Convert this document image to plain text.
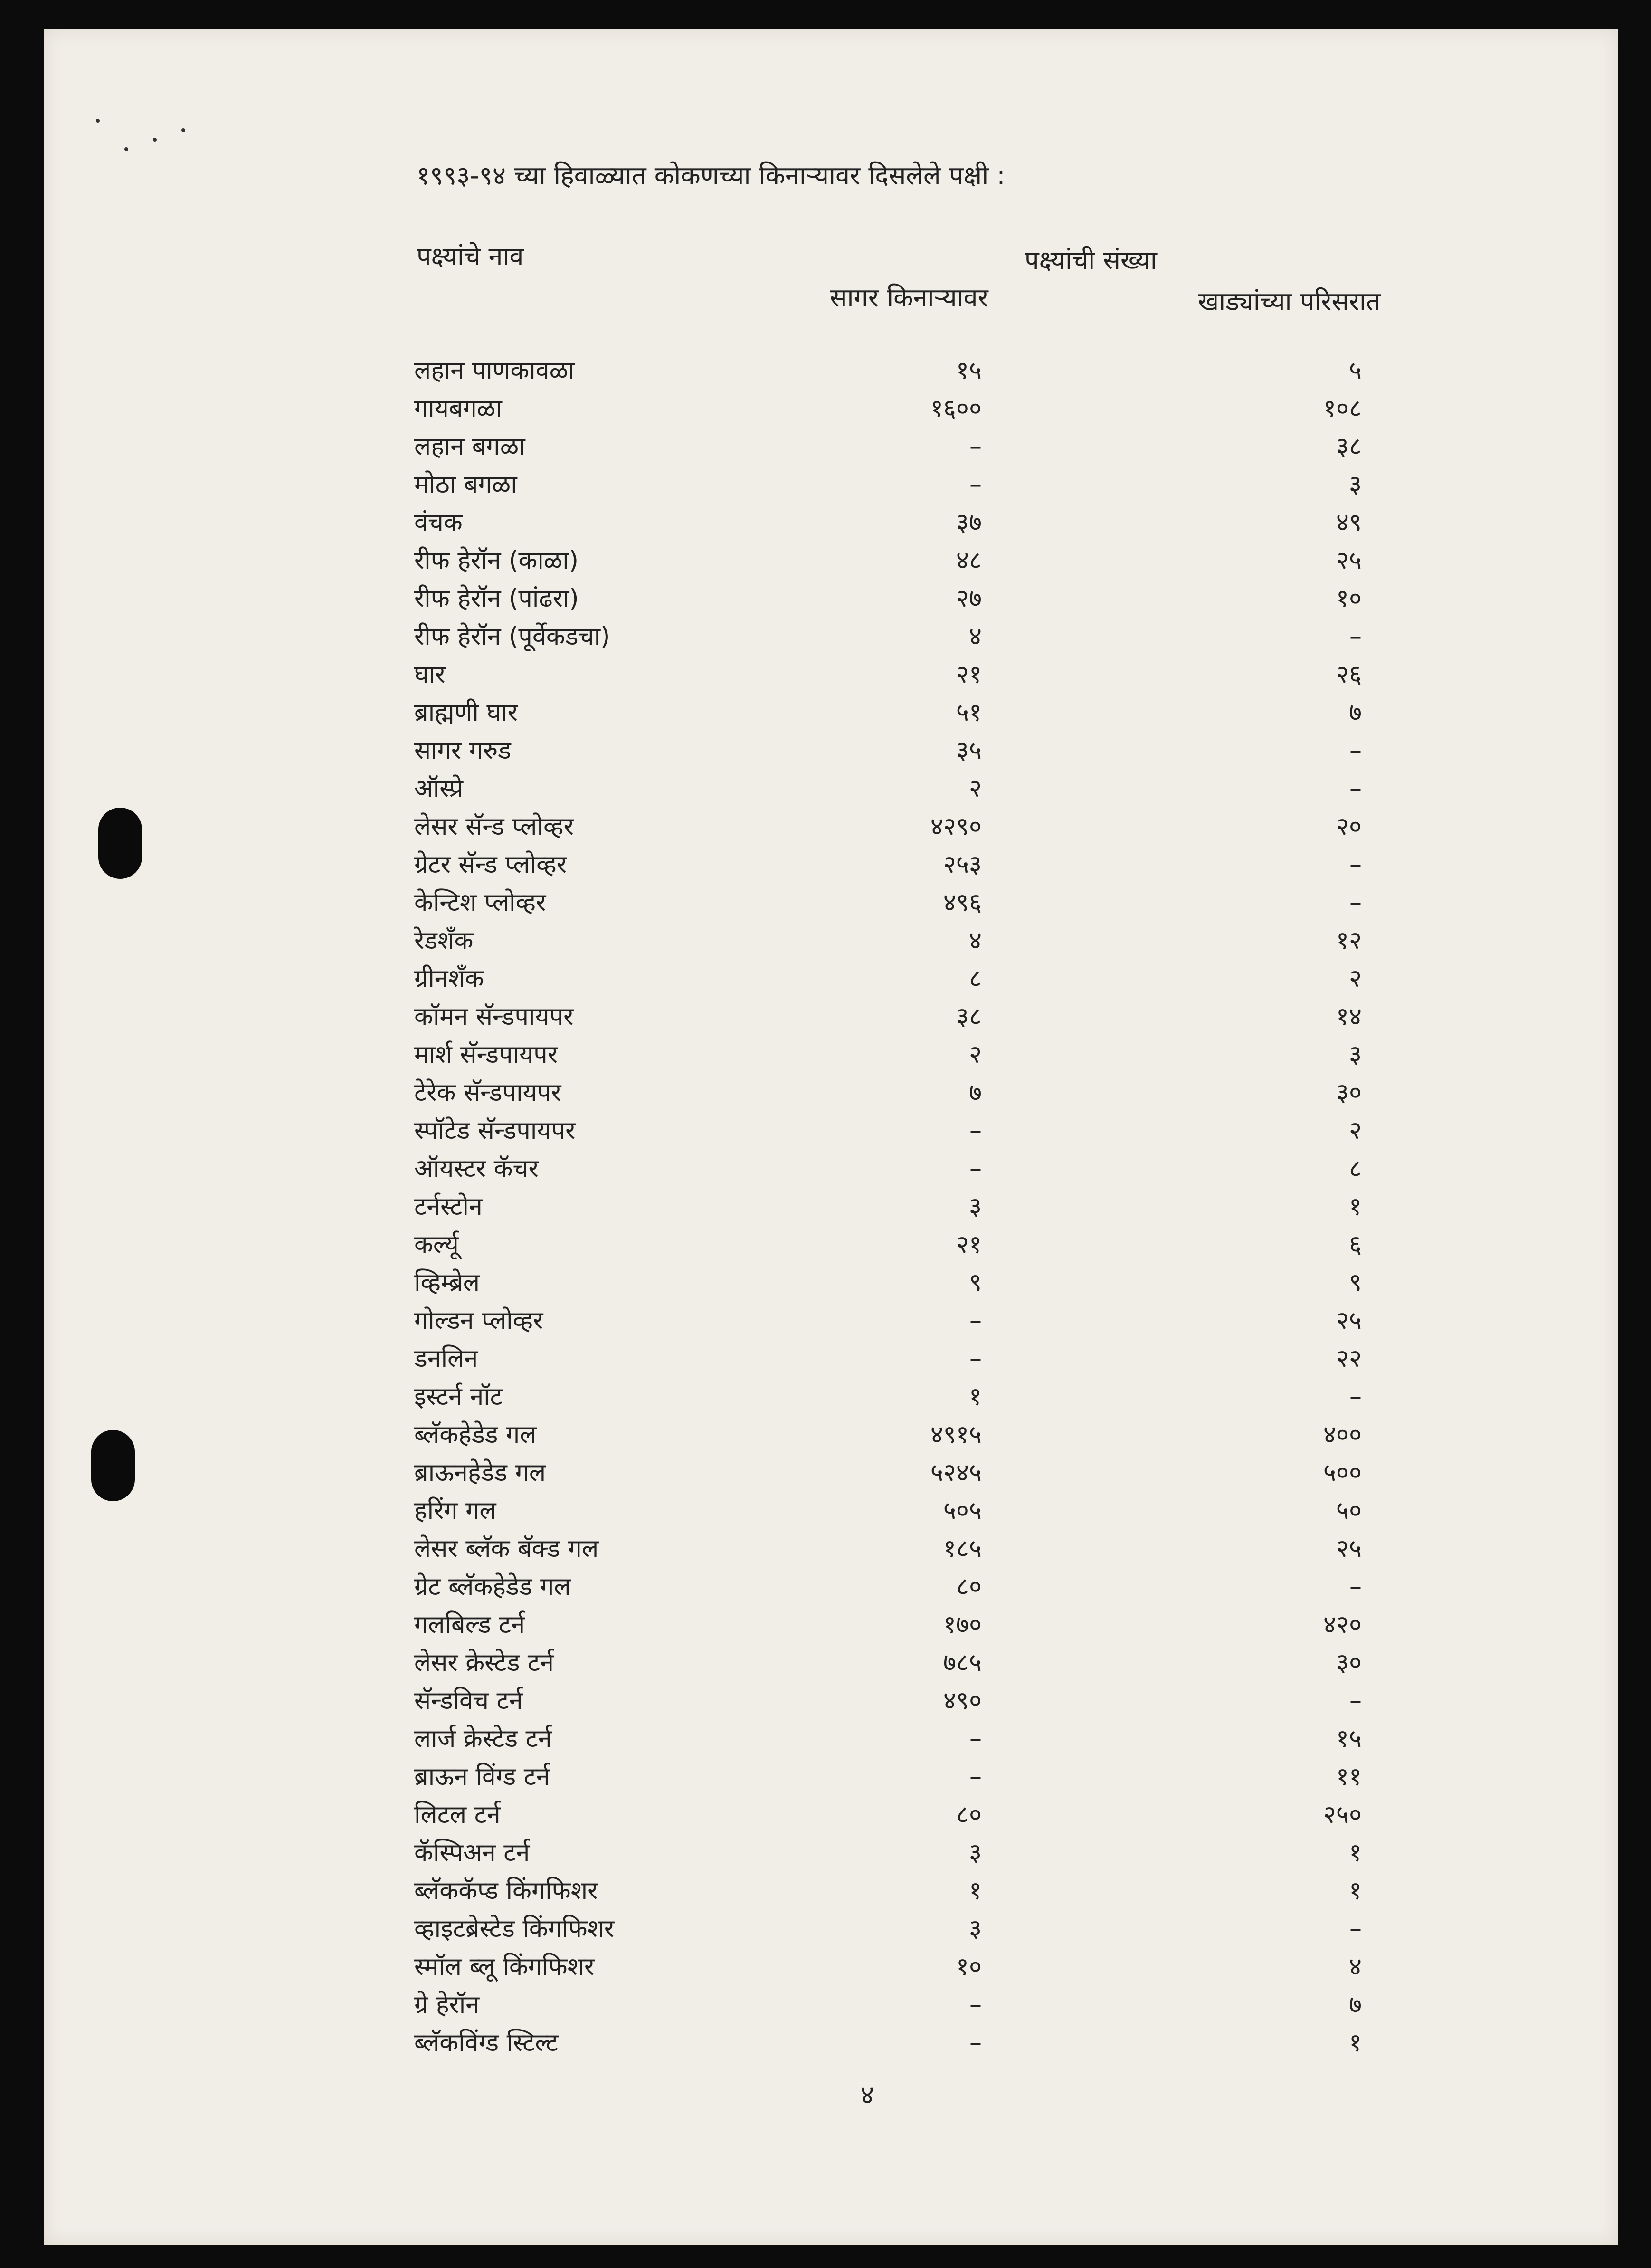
१९९३-९४ च्या हिवाळ्यात कोकणच्या किनाऱ्यावर दिसलेले पक्षी :
पक्ष्यांचे नाव	पक्ष्यांची संख्या
सागर किनाऱ्यावर	खाड्यांच्या परिसरात
लहान पाणकावळा	१५	५
गायबगळा	१६००	१०८
लहान बगळा	–	३८
मोठा बगळा	–	३
वंचक	३७	४९
रीफ हेरॉन (काळा)	४८	२५
रीफ हेरॉन (पांढरा)	२७	१०
रीफ हेरॉन (पूर्वेकडचा)	४	–
घार	२१	२६
ब्राह्मणी घार	५१	७
सागर गरुड	३५	–
ऑस्प्रे	२	–
लेसर सॅन्ड प्लोव्हर	४२९०	२०
ग्रेटर सॅन्ड प्लोव्हर	२५३	–
केन्टिश प्लोव्हर	४९६	–
रेडशँक	४	१२
ग्रीनशँक	८	२
कॉमन सॅन्डपायपर	३८	१४
मार्श सॅन्डपायपर	२	३
टेरेक सॅन्डपायपर	७	३०
स्पॉटेड सॅन्डपायपर	–	२
ऑयस्टर कॅचर	–	८
टर्नस्टोन	३	१
कर्ल्यू	२१	६
व्हिम्ब्रेल	९	९
गोल्डन प्लोव्हर	–	२५
डनलिन	–	२२
इस्टर्न नॉट	१	–
ब्लॅकहेडेड गल	४९१५	४००
ब्राऊनहेडेड गल	५२४५	५००
हरिंग गल	५०५	५०
लेसर ब्लॅक बॅक्ड गल	१८५	२५
ग्रेट ब्लॅकहेडेड गल	८०	–
गलबिल्ड टर्न	१७०	४२०
लेसर क्रेस्टेड टर्न	७८५	३०
सॅन्डविच टर्न	४९०	–
लार्ज क्रेस्टेड टर्न	–	१५
ब्राऊन विंग्ड टर्न	–	११
लिटल टर्न	८०	२५०
कॅस्पिअन टर्न	३	१
ब्लॅककॅप्ड किंगफिशर	१	१
व्हाइटब्रेस्टेड किंगफिशर	३	–
स्मॉल ब्लू किंगफिशर	१०	४
ग्रे हेरॉन	–	७
ब्लॅकविंग्ड स्टिल्ट	–	१
४
